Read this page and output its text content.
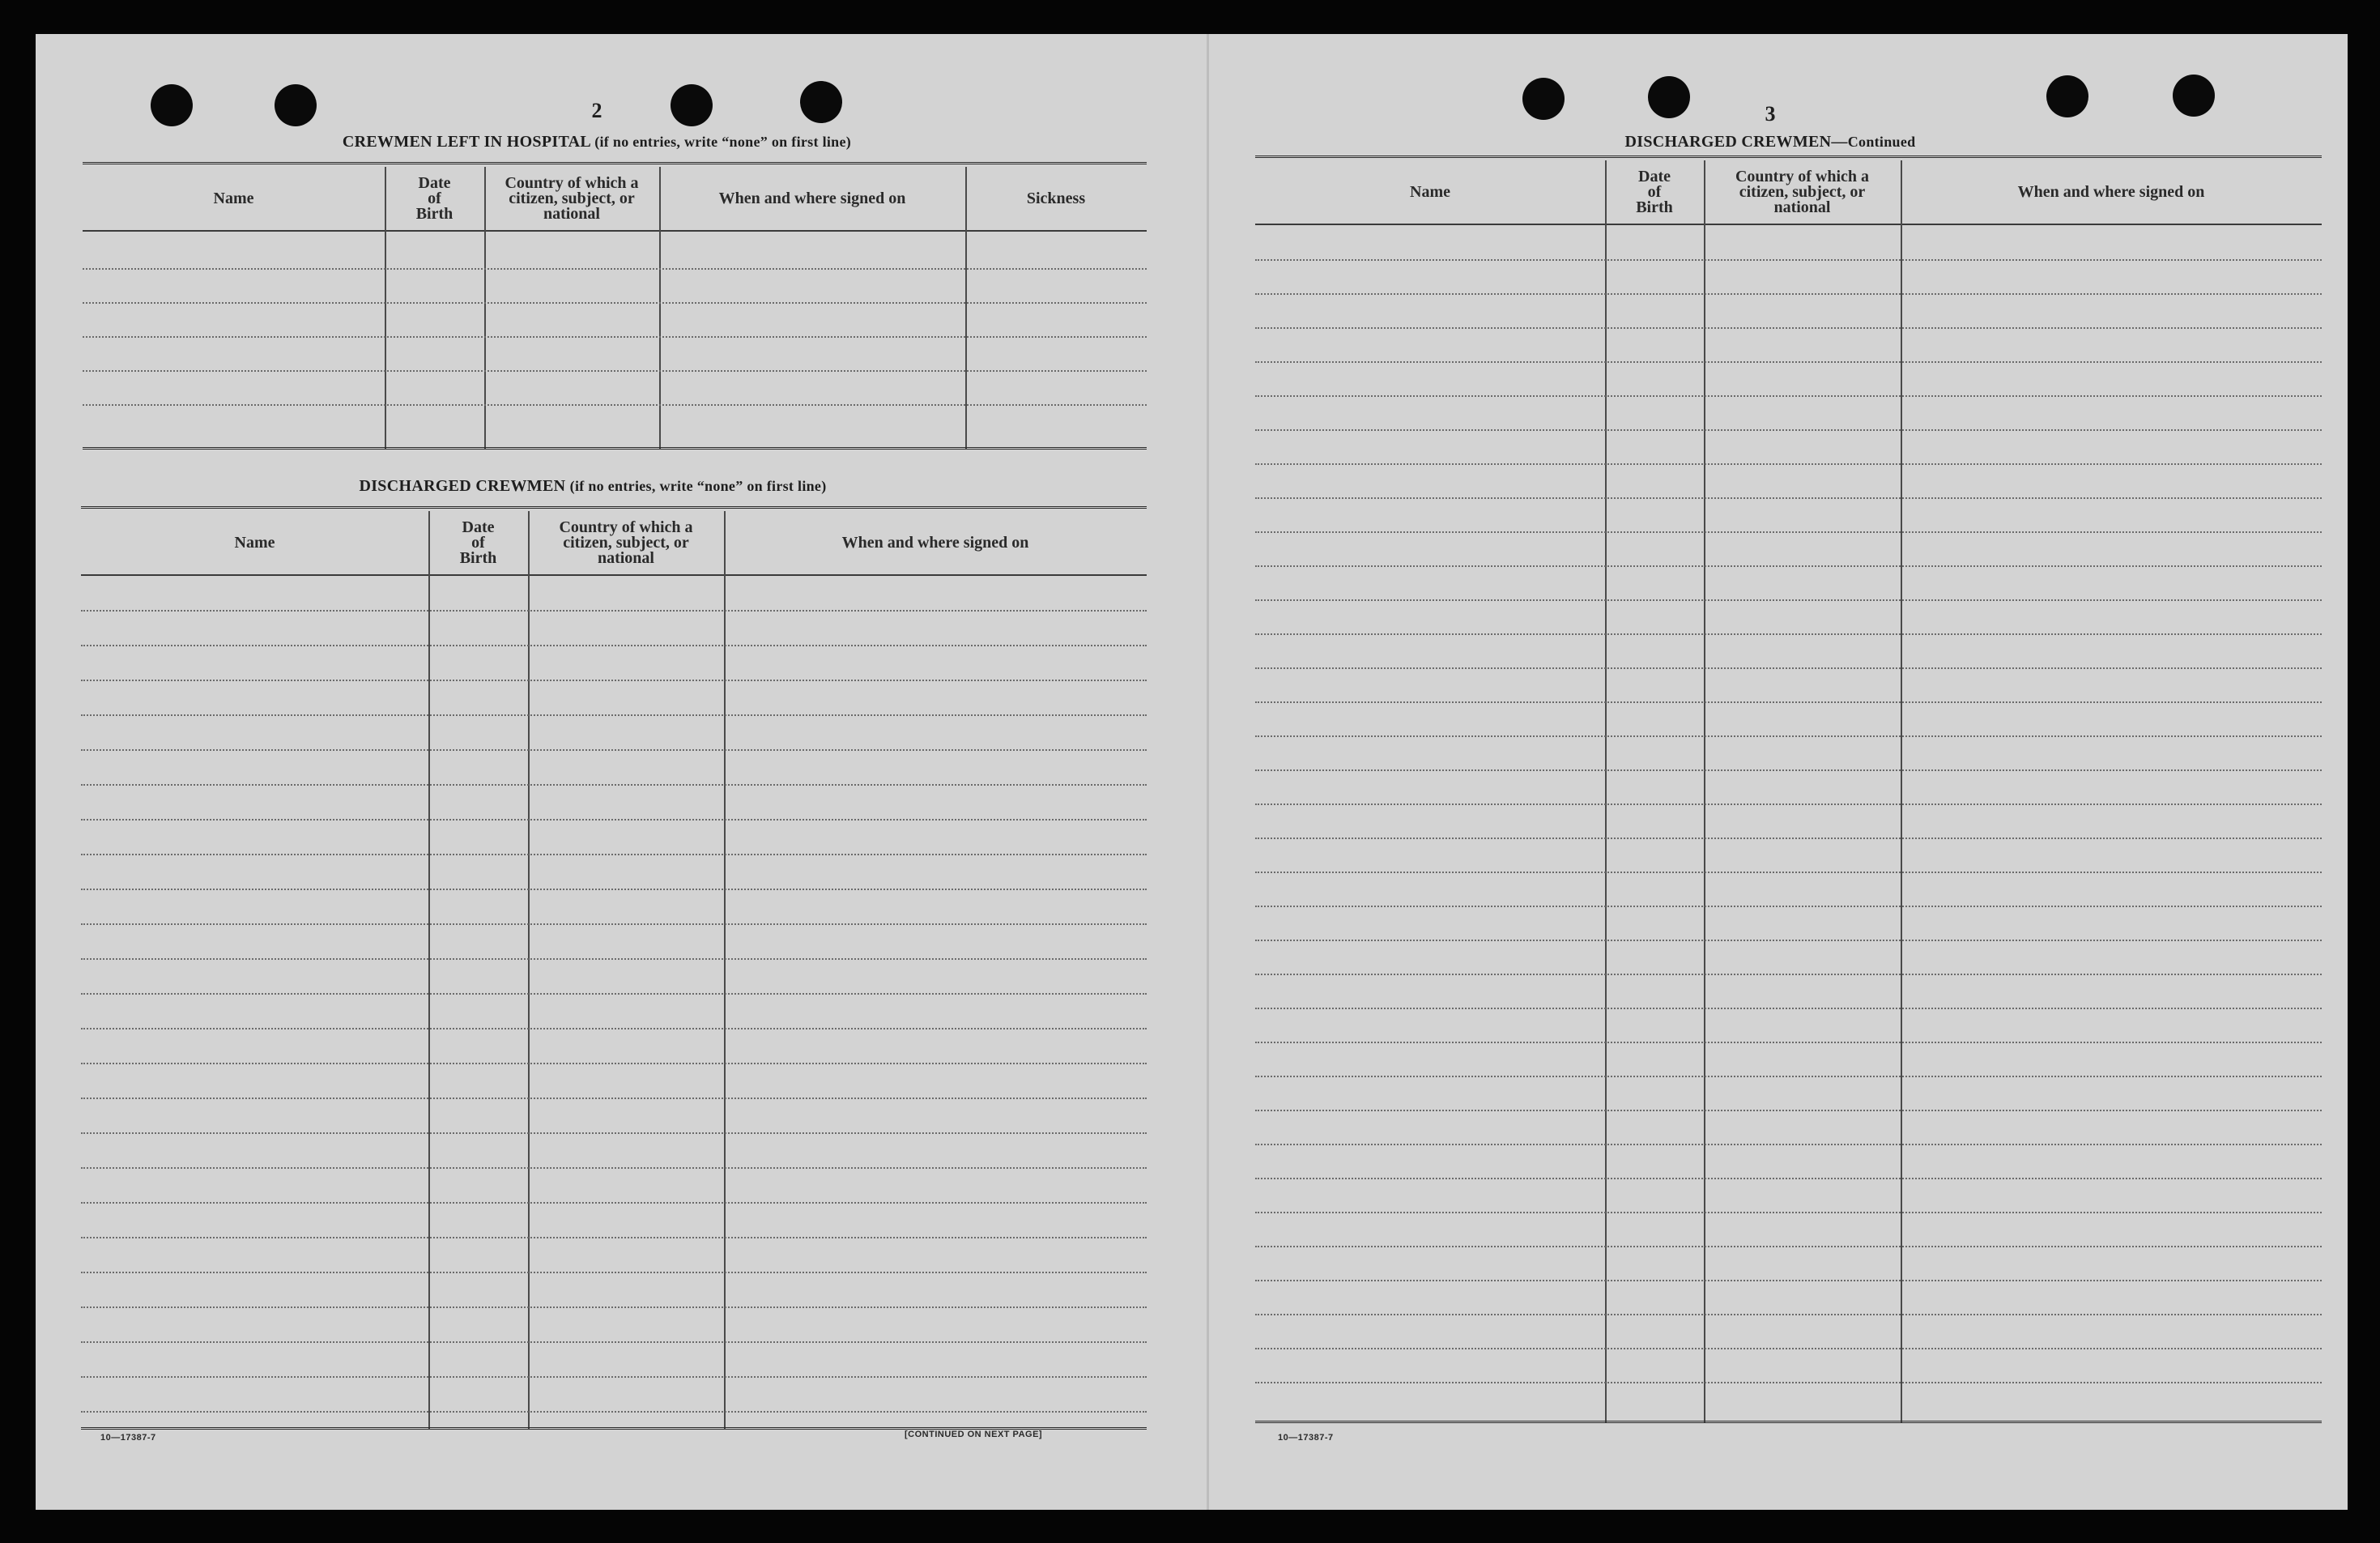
2
CREWMEN LEFT IN HOSPITAL (if no entries, write “none” on first line)
Name
Date
of
Birth
Country of which a
citizen, subject, or
national
When and where signed on	Sickness
DISCHARGED CREWMEN (if no entries, write “none” on first line)
Name
Date
of
Birth
Country of which a
citizen, subject, or
national
When and where signed on
10—17387-7	[CONTINUED ON NEXT PAGE]
3
DISCHARGED CREWMEN—Continued
Name
Date
of
Birth
Country of which a
citizen, subject, or
national
When and where signed on
10—17387-7
